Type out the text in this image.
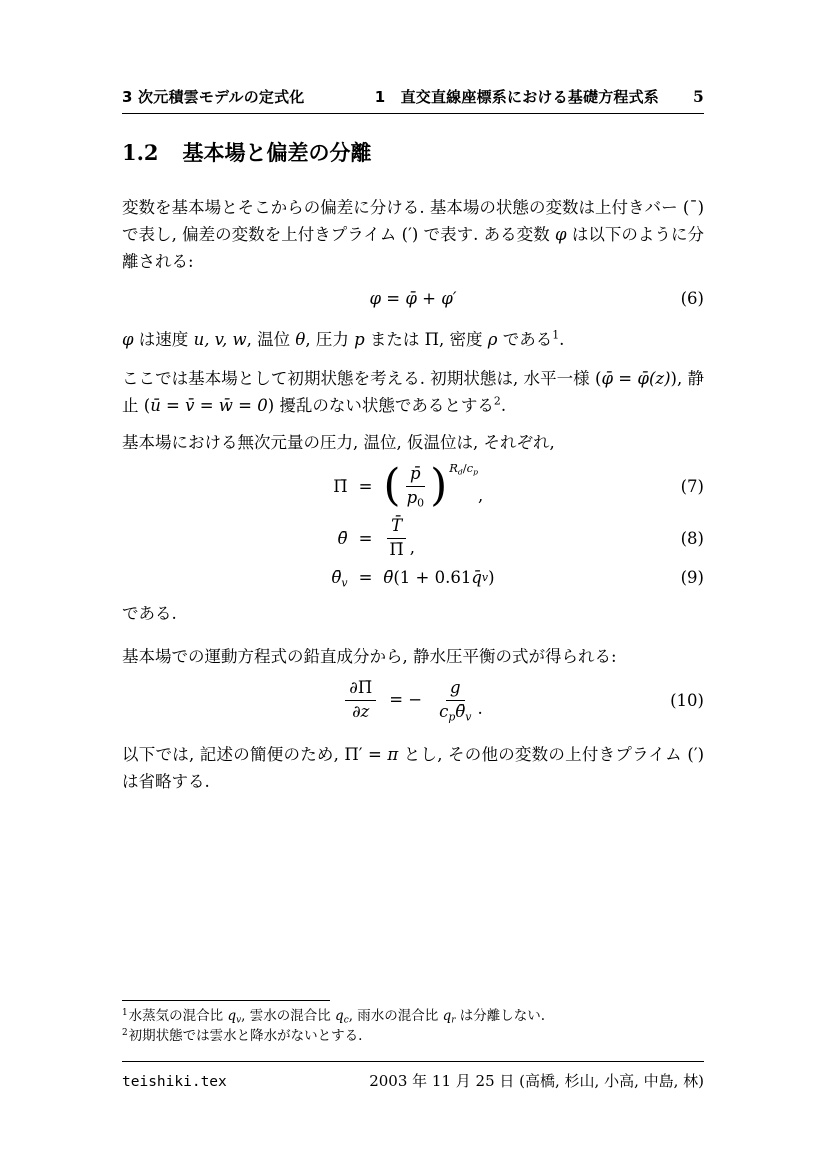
3 次元積雲モデルの定式化	1　直交直線座標系における基礎方程式系 5
1.2 基本場と偏差の分離

変数を基本場とそこからの偏差に分ける. 基本場の状態の変数は上付きバー (¯) で表し, 偏差の変数を上付きプライム (′) で表す. ある変数 φ は以下のように分離される:

φ = φ̄ + φ′	(6)

φ は速度 u, v, w, 温位 θ, 圧力 p または Π, 密度 ρ である$^1$.

ここでは基本場として初期状態を考える. 初期状態は, 水平一様 (φ̄ = φ̄(z)), 静止 (ū = v̄ = w̄ = 0) 擾乱のない状態であるとする$^2$.

基本場における無次元量の圧力, 温位, 仮温位は, それぞれ,

Π̄ = ( $\frac{p̄}{p_0}$ ) $R_d/c_p$
,	(7)
θ̄ = $\frac{T̄}{\Pī}$ ,	(8)
$\thetā_v$ = θ̄ (1 + 0.61 q̄ v )	(9)

である.

基本場での運動方程式の鉛直成分から, 静水圧平衡の式が得られる:

$\frac{\partial\Pī}{\partial z}$ = − $\frac{g}{c_p\thetā_v}$ .	(10)

以下では, 記述の簡便のため, Π′ = π とし, その他の変数の上付きプライム (′) は省略する.

$^1$水蒸気の混合比 $q_v$, 雲水の混合比 $q_c$, 雨水の混合比 $q_r$ は分離しない.
$^2$初期状態では雲水と降水がないとする.
teishiki.tex	2003 年 11 月 25 日 (高橋, 杉山, 小高, 中島, 林)
